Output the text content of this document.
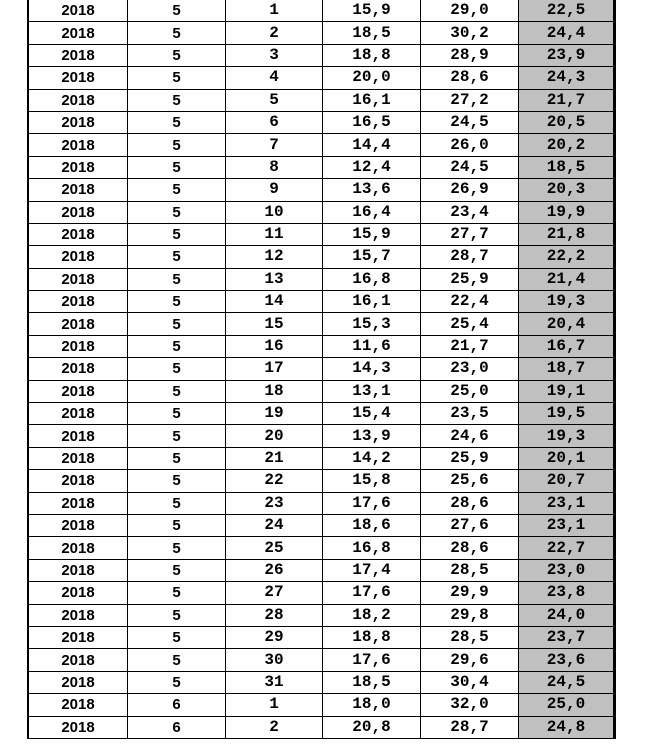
2018	5	1	15,9	29,0	22,5
2018	5	2	18,5	30,2	24,4
2018	5	3	18,8	28,9	23,9
2018	5	4	20,0	28,6	24,3
2018	5	5	16,1	27,2	21,7
2018	5	6	16,5	24,5	20,5
2018	5	7	14,4	26,0	20,2
2018	5	8	12,4	24,5	18,5
2018	5	9	13,6	26,9	20,3
2018	5	10	16,4	23,4	19,9
2018	5	11	15,9	27,7	21,8
2018	5	12	15,7	28,7	22,2
2018	5	13	16,8	25,9	21,4
2018	5	14	16,1	22,4	19,3
2018	5	15	15,3	25,4	20,4
2018	5	16	11,6	21,7	16,7
2018	5	17	14,3	23,0	18,7
2018	5	18	13,1	25,0	19,1
2018	5	19	15,4	23,5	19,5
2018	5	20	13,9	24,6	19,3
2018	5	21	14,2	25,9	20,1
2018	5	22	15,8	25,6	20,7
2018	5	23	17,6	28,6	23,1
2018	5	24	18,6	27,6	23,1
2018	5	25	16,8	28,6	22,7
2018	5	26	17,4	28,5	23,0
2018	5	27	17,6	29,9	23,8
2018	5	28	18,2	29,8	24,0
2018	5	29	18,8	28,5	23,7
2018	5	30	17,6	29,6	23,6
2018	5	31	18,5	30,4	24,5
2018	6	1	18,0	32,0	25,0
2018	6	2	20,8	28,7	24,8
